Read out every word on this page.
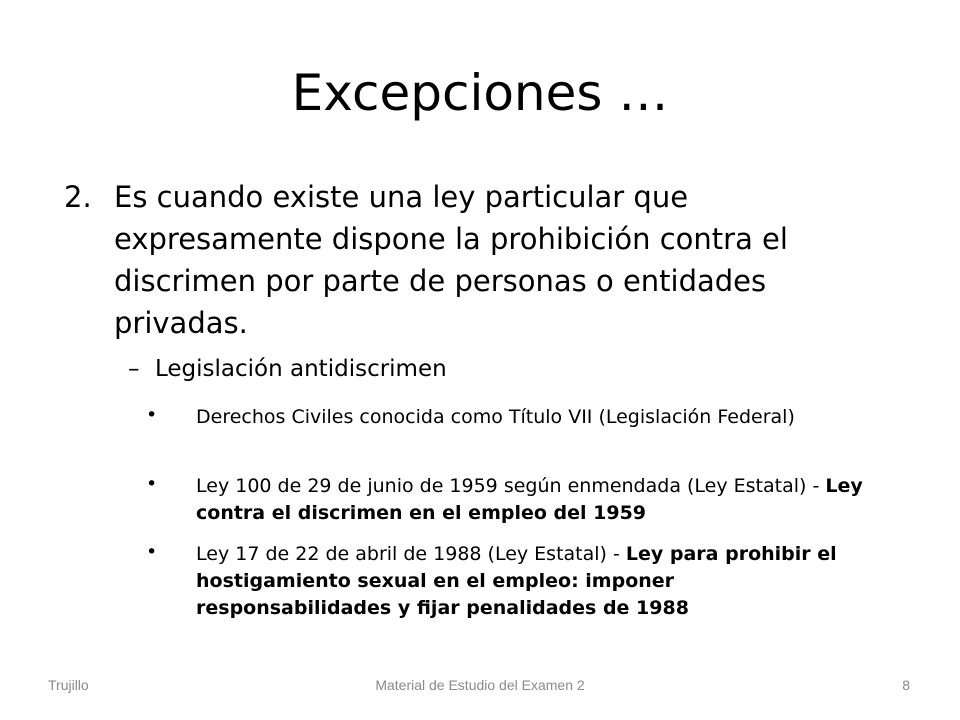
Excepciones …
2. Es cuando existe una ley particular que expresamente dispone la prohibición contra el discrimen por parte de personas o entidades privadas.
– Legislación antidiscrimen
• Derechos Civiles conocida como Título VII (Legislación Federal)
• Ley 100 de 29 de junio de 1959 según enmendada (Ley Estatal) - Ley contra el discrimen en el empleo del 1959
• Ley 17 de 22 de abril de 1988 (Ley Estatal) - Ley para prohibir el hostigamiento sexual en el empleo: imponer responsabilidades y fijar penalidades de 1988
Trujillo	Material de Estudio del Examen 2	8
